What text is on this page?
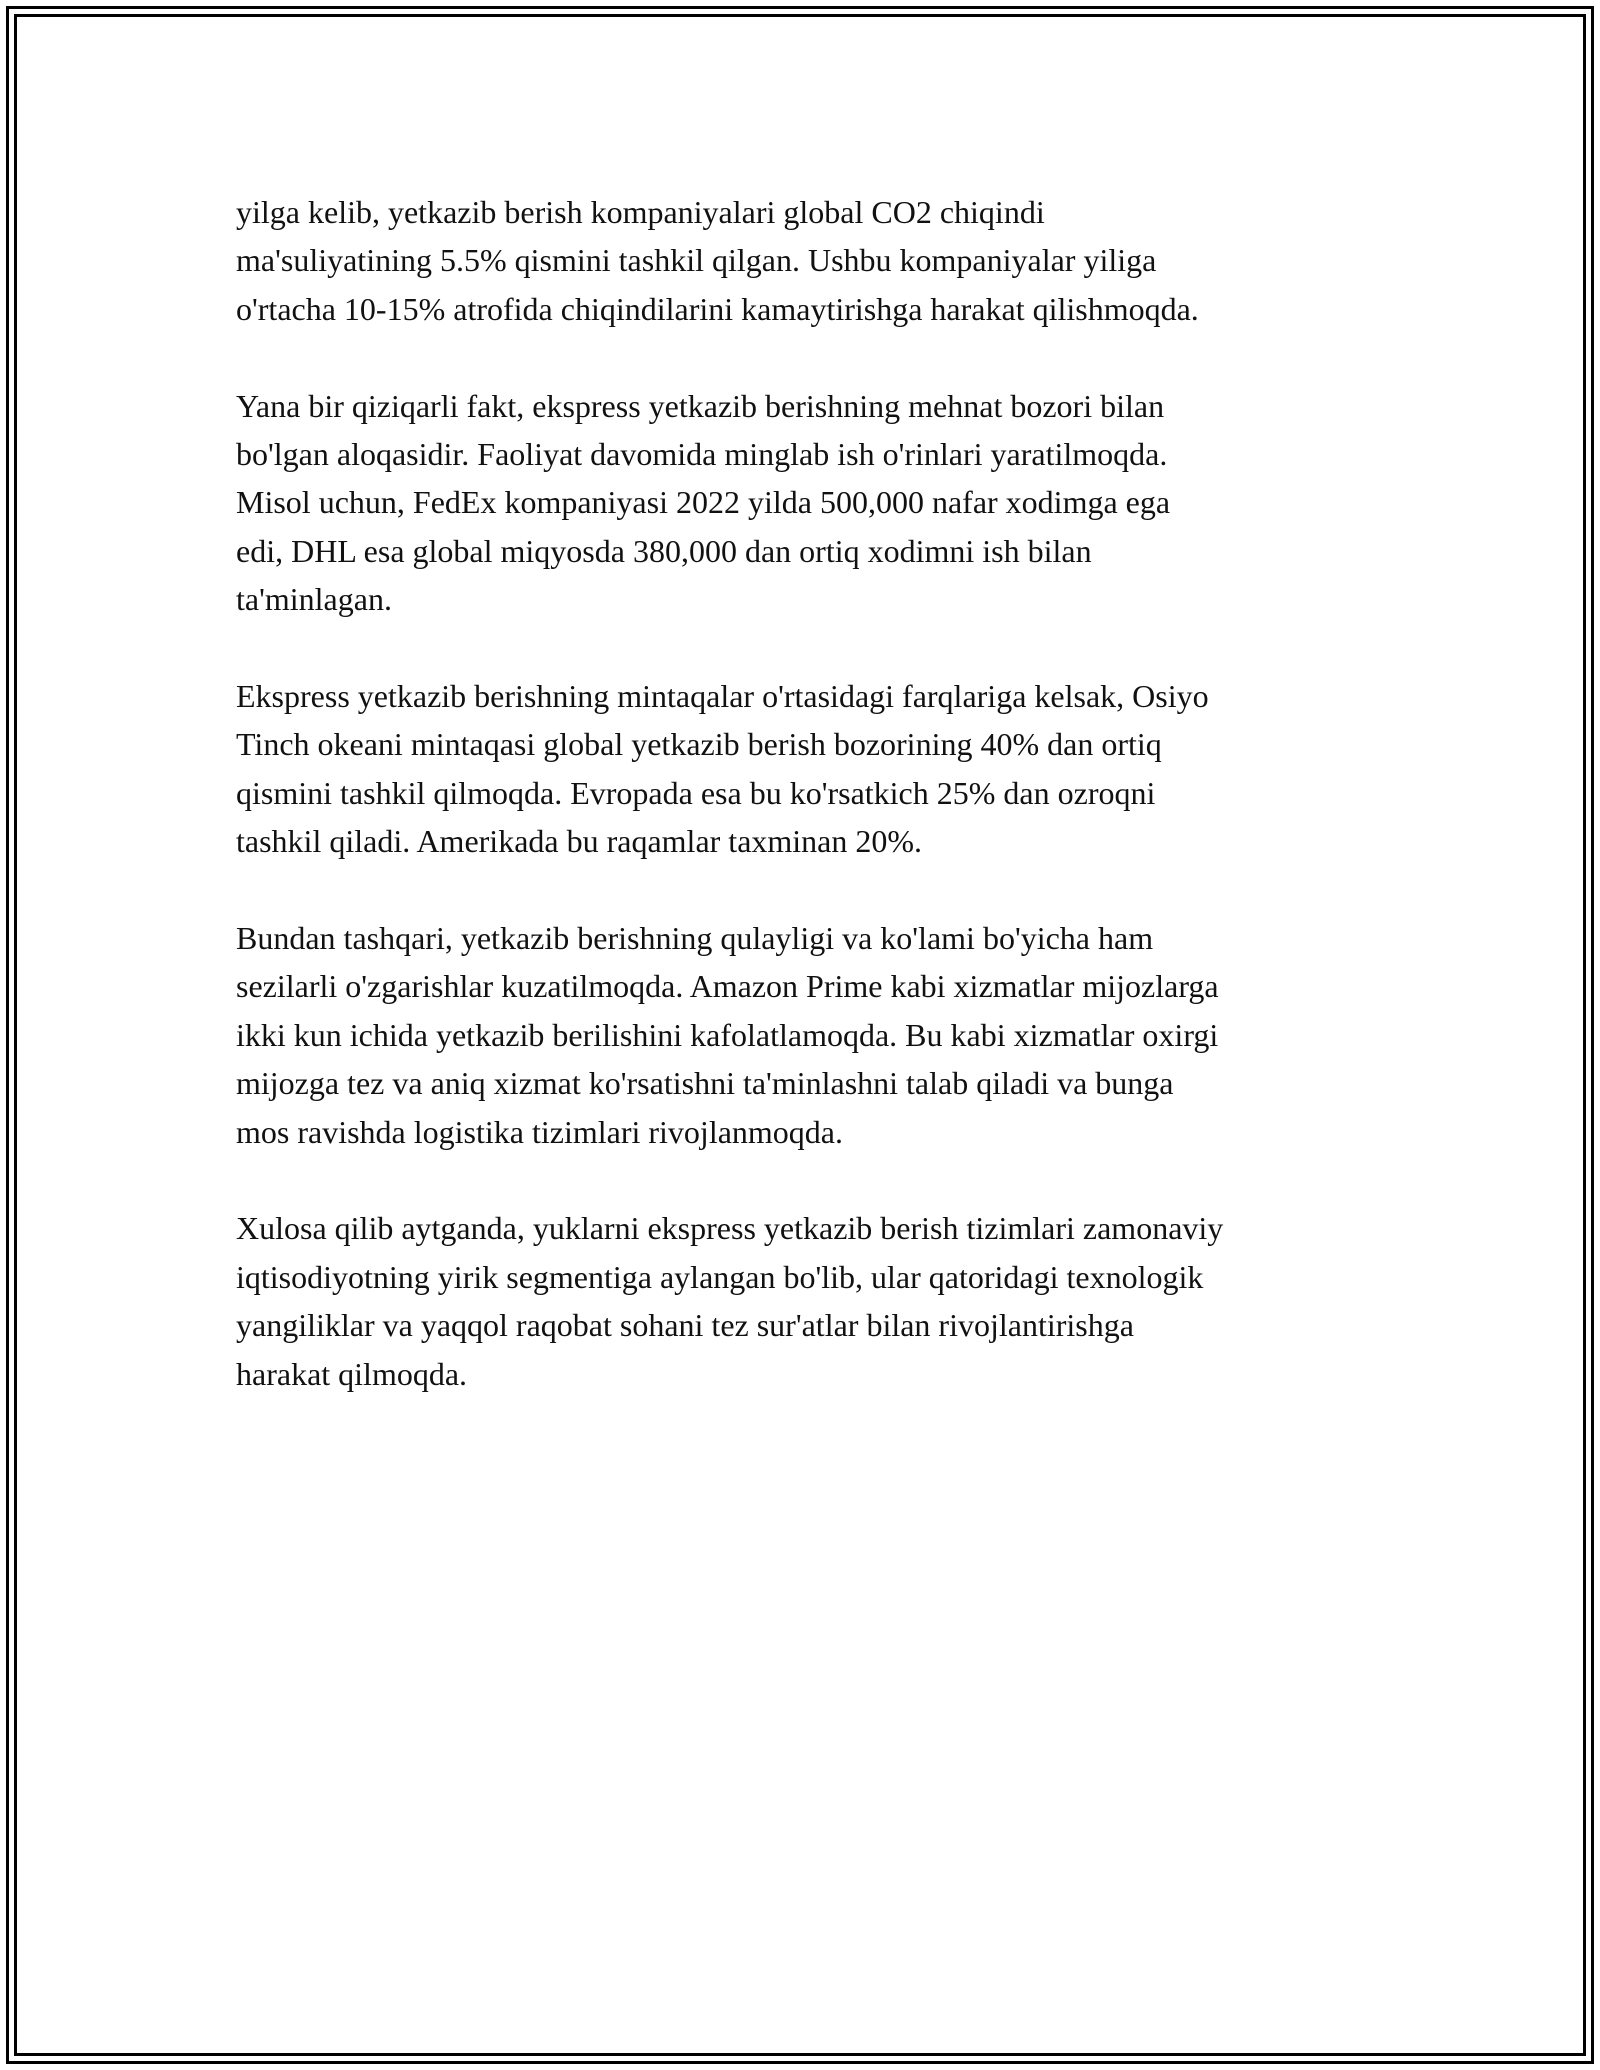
yilga kelib, yetkazib berish kompaniyalari global CO2 chiqindi
ma'suliyatining 5.5% qismini tashkil qilgan. Ushbu kompaniyalar yiliga
o'rtacha 10-15% atrofida chiqindilarini kamaytirishga harakat qilishmoqda.

Yana bir qiziqarli fakt, ekspress yetkazib berishning mehnat bozori bilan
bo'lgan aloqasidir. Faoliyat davomida minglab ish o'rinlari yaratilmoqda.
Misol uchun, FedEx kompaniyasi 2022 yilda 500,000 nafar xodimga ega
edi, DHL esa global miqyosda 380,000 dan ortiq xodimni ish bilan
ta'minlagan.

Ekspress yetkazib berishning mintaqalar o'rtasidagi farqlariga kelsak, Osiyo
Tinch okeani mintaqasi global yetkazib berish bozorining 40% dan ortiq
qismini tashkil qilmoqda. Evropada esa bu ko'rsatkich 25% dan ozroqni
tashkil qiladi. Amerikada bu raqamlar taxminan 20%.

Bundan tashqari, yetkazib berishning qulayligi va ko'lami bo'yicha ham
sezilarli o'zgarishlar kuzatilmoqda. Amazon Prime kabi xizmatlar mijozlarga
ikki kun ichida yetkazib berilishini kafolatlamoqda. Bu kabi xizmatlar oxirgi
mijozga tez va aniq xizmat ko'rsatishni ta'minlashni talab qiladi va bunga
mos ravishda logistika tizimlari rivojlanmoqda.

Xulosa qilib aytganda, yuklarni ekspress yetkazib berish tizimlari zamonaviy
iqtisodiyotning yirik segmentiga aylangan bo'lib, ular qatoridagi texnologik
yangiliklar va yaqqol raqobat sohani tez sur'atlar bilan rivojlantirishga
harakat qilmoqda.
